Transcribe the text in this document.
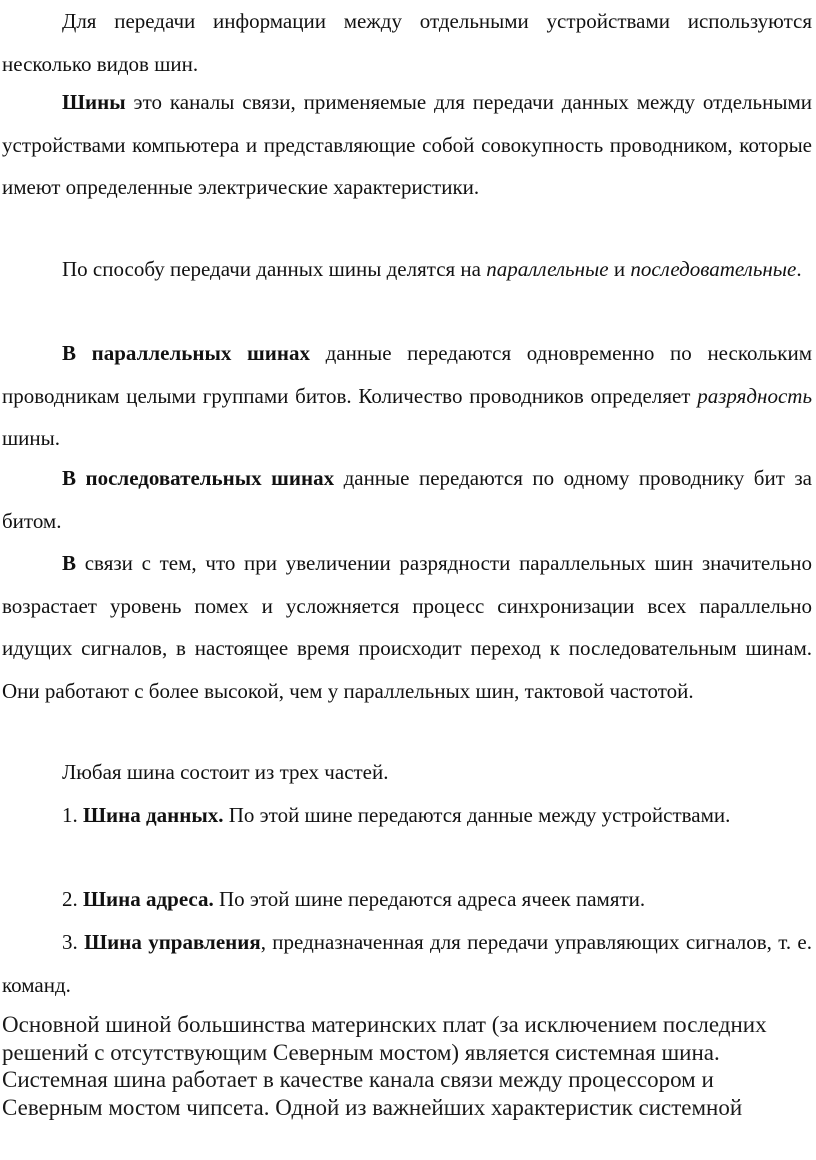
Для передачи информации между отдельными устройствами используются несколько видов шин.

Шины это каналы связи, применяемые для передачи данных между отдельными устройствами компьютера и представляющие собой совокупность проводником, которые имеют определенные электрические характеристики.

По способу передачи данных шины делятся на параллельные и последовательные.

В параллельных шинах данные передаются одновременно по нескольким проводникам целыми группами битов. Количество проводников определяет разрядность шины.

В последовательных шинах данные передаются по одному проводнику бит за битом.

В связи с тем, что при увеличении разрядности параллельных шин значительно возрастает уровень помех и усложняется процесс синхронизации всех параллельно идущих сигналов, в настоящее время происходит переход к последовательным шинам. Они работают с более высокой, чем у параллельных шин, тактовой частотой.

Любая шина состоит из трех частей.

1. Шина данных. По этой шине передаются данные между устройствами.

2. Шина адреса. По этой шине передаются адреса ячеек памяти.

3. Шина управления, предназначенная для передачи управляющих сигналов, т. е. команд.

Основной шиной большинства материнских плат (за исключением последних решений с отсутствующим Северным мостом) является системная шина. Системная шина работает в качестве канала связи между процессором и Северным мостом чипсета. Одной из важнейших характеристик системной
